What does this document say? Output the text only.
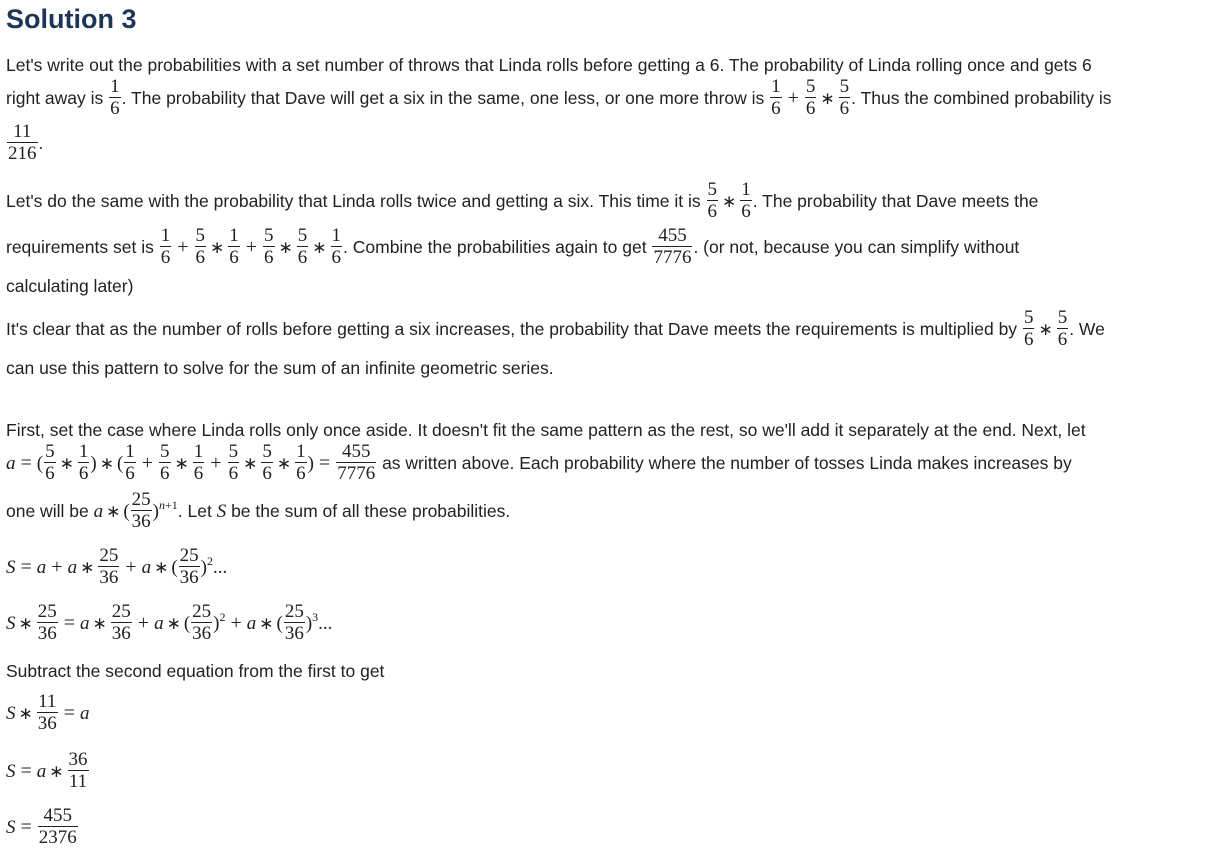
Solution 3
Let's write out the probabilities with a set number of throws that Linda rolls before getting a 6. The probability of Linda rolling once and gets 6
right away is $\frac{1}{6}$ . The probability that Dave will get a six in the same, one less, or one more throw is $\frac{1}{6} + \frac{5}{6}$ ∗ $\frac{5}{6}$ . Thus the combined probability is
$\frac{11}{216}$ .
Let's do the same with the probability that Linda rolls twice and getting a six. This time it is $\frac{5}{6}$ ∗ $\frac{1}{6}$ . The probability that Dave meets the
requirements set is $\frac{1}{6} + \frac{5}{6}$ ∗ $\frac{1}{6} + \frac{5}{6}$ ∗ $\frac{5}{6}$ ∗ $\frac{1}{6}$ . Combine the probabilities again to get $\frac{455}{7776}$ . (or not, because you can simplify without
calculating later)
It's clear that as the number of rolls before getting a six increases, the probability that Dave meets the requirements is multiplied by $\frac{5}{6}$ ∗ $\frac{5}{6}$ . We
can use this pattern to solve for the sum of an infinite geometric series.
First, set the case where Linda rolls only once aside. It doesn't fit the same pattern as the rest, so we'll add it separately at the end. Next, let
a = ( $\frac{5}{6}$ ∗ $\frac{1}{6}$ ) ∗ ( $\frac{1}{6} + \frac{5}{6}$ ∗ $\frac{1}{6} + \frac{5}{6}$ ∗ $\frac{5}{6}$ ∗ $\frac{1}{6}$ ) = $\frac{455}{7776}$ as written above. Each probability where the number of tosses Linda makes increases by
one will be a ∗ ( $\frac{25}{36} )^{n+1}$. Let S be the sum of all these probabilities.
S = a + a ∗ $\frac{25}{36} + a$ ∗ ( $\frac{25}{36} )^2$...
S ∗ $\frac{25}{36} = a$ ∗ $\frac{25}{36} + a$ ∗ ( $\frac{25}{36} )^2 + a$ ∗ ( $\frac{25}{36} )^3$...
Subtract the second equation from the first to get
S ∗ $\frac{11}{36} = a$
S = a ∗ $\frac{36}{11}$
$S = \frac{455}{2376}$
